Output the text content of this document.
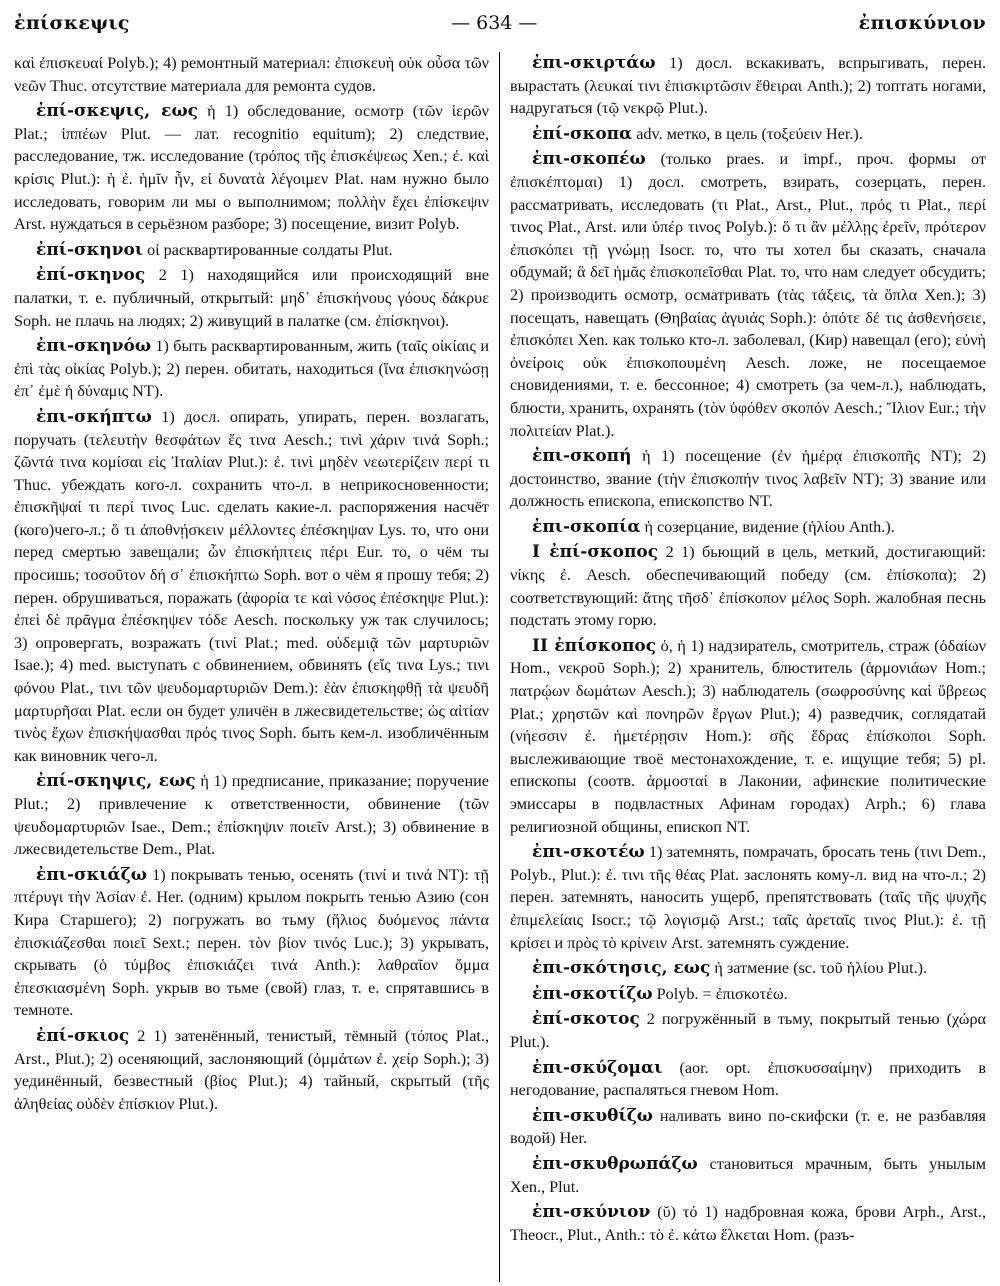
ἐπίσκεψις	— 634 —	ἐπισκύνιον

καὶ ἐπισκευαί Polyb.); 4) ремонтный материал: ἐπισκευὴ οὐκ οὖσα τῶν νεῶν Thuc. отсутствие материала для ремонта судов.

ἐπί-σκεψις, εως ἡ 1) обследование, осмотр (τῶν ἱερῶν Plat.; ἱππέων Plut. — лат. recognitio equitum); 2) следствие, расследование, тж. исследование (τρόπος τῆς ἐπισκέψεως Xen.; ἐ. καὶ κρίσις Plut.): ἡ ἐ. ἡμῖν ἦν, εἰ δυνατὰ λέγοιμεν Plat. нам нужно было исследовать, говорим ли мы о выполнимом; πολλὴν ἔχει ἐπίσκεψιν Arst. нуждаться в серьёзном разборе; 3) посещение, визит Polyb.

ἐπί-σκηνοι οἱ расквартированные солдаты Plut.

ἐπί-σκηνος 2 1) находящийся или происходящий вне палатки, т. е. публичный, открытый: μηδ᾽ ἐπισκήνους γόους δάκρυε Soph. не плачь на людях; 2) живущий в палатке (см. ἐπίσκηνοι).

ἐπι-σκηνόω 1) быть расквартированным, жить (ταῖς οἰκίαις и ἐπὶ τὰς οἰκίας Polyb.); 2) перен. обитать, находиться (ἵνα ἐπισκηνώσῃ ἐπ᾽ ἐμὲ ἡ δύναμις NT).

ἐπι-σκήπτω 1) досл. опирать, упирать, перен. возлагать, поручать (τελευτὴν θεσφάτων ἔς τινα Aesch.; τινὶ χάριν τινά Soph.; ζῶντά τινα κομίσαι εἰς Ἰταλίαν Plut.): ἐ. τινὶ μηδὲν νεωτερίζειν περί τι Thuc. убеждать кого-л. сохранить что-л. в неприкосновенности; ἐπισκῆψαί τι περί τινος Luc. сделать какие-л. распоряжения насчёт (кого)чего-л.; ὅ τι ἀποθνῄσκειν μέλλοντες ἐπέσκηψαν Lys. то, что они перед смертью завещали; ὧν ἐπισκήπτεις πέρι Eur. то, о чём ты просишь; τοσοῦτον δή σ᾽ ἐπισκήπτω Soph. вот о чём я прошу тебя; 2) перен. обрушиваться, поражать (ἀφορία τε καὶ νόσος ἐπέσκηψε Plut.): ἐπεὶ δὲ πρᾶγμα ἐπέσκηψεν τόδε Aesch. поскольку уж так случилось; 3) опровергать, возражать (τινί Plat.; med. οὐδεμιᾷ τῶν μαρτυριῶν Isae.); 4) med. выступать с обвинением, обвинять (εἴς τινα Lys.; τινι φόνου Plat., τινι τῶν ψευδομαρτυριῶν Dem.): ἐὰν ἐπισκηφθῇ τὰ ψευδῆ μαρτυρῆσαι Plat. если он будет уличён в лжесвидетельстве; ὡς αἰτίαν τινὸς ἔχων ἐπισκήψασθαι πρός τινος Soph. быть кем-л. изобличённым как виновник чего-л.

ἐπί-σκηψις, εως ἡ 1) предписание, приказание; поручение Plut.; 2) привлечение к ответственности, обвинение (τῶν ψευδομαρτυριῶν Isae., Dem.; ἐπίσκηψιν ποιεῖν Arst.); 3) обвинение в лжесвидетельстве Dem., Plat.

ἐπι-σκιάζω 1) покрывать тенью, осенять (τινί и τινά NT): τῇ πτέρυγι τὴν Ἀσίαν ἐ. Her. (одним) крылом покрыть тенью Азию (сон Кира Старшего); 2) погружать во тьму (ἥλιος δυόμενος πάντα ἐπισκιάζεσθαι ποιεῖ Sext.; перен. τὸν βίον τινός Luc.); 3) укрывать, скрывать (ὁ τύμβος ἐπισκιάζει τινά Anth.): λαθραῖον ὄμμα ἐπεσκιασμένη Soph. укрыв во тьме (свой) глаз, т. е. спрятавшись в темноте.

ἐπί-σκιος 2 1) затенённый, тенистый, тёмный (τόπος Plat., Arst., Plut.); 2) осеняющий, заслоняющий (ὀμμάτων ἐ. χείρ Soph.); 3) уединённый, безвестный (βίος Plut.); 4) тайный, скрытый (τῆς ἀληθείας οὐδὲν ἐπίσκιον Plut.).

ἐπι-σκιρτάω 1) досл. вскакивать, вспрыгивать, перен. вырастать (λευκαί τινι ἐπισκιρτῶσιν ἔθειραι Anth.); 2) топтать ногами, надругаться (τῷ νεκρῷ Plut.).

ἐπί-σκοπα adv. метко, в цель (τοξεύειν Her.).

ἐπι-σκοπέω (только praes. и impf., проч. формы от ἐπισκέπτομαι) 1) досл. смотреть, взирать, созерцать, перен. рассматривать, исследовать (τι Plat., Arst., Plut., πρός τι Plat., περί τινος Plat., Arst. или ὑπέρ τινος Polyb.): ὅ τι ἂν μέλλῃς ἐρεῖν, πρότερον ἐπισκόπει τῇ γνώμῃ Isocr. то, что ты хотел бы сказать, сначала обдумай; ἃ δεῖ ἡμᾶς ἐπισκοπεῖσθαι Plat. то, что нам следует обсудить; 2) производить осмотр, осматривать (τὰς τάξεις, τὰ ὅπλα Xen.); 3) посещать, навещать (Θηβαίας ἀγυιάς Soph.): ὁπότε δέ τις ἀσθενήσειε, ἐπισκόπει Xen. как только кто-л. заболевал, (Кир) навещал (его); εὐνὴ ὀνείροις οὐκ ἐπισκοπουμένη Aesch. ложе, не посещаемое сновидениями, т. е. бессонное; 4) смотреть (за чем-л.), наблюдать, блюсти, хранить, охранять (τὸν ὑφόθεν σκοπόν Aesch.; Ἴλιον Eur.; τὴν πολιτείαν Plat.).

ἐπι-σκοπή ἡ 1) посещение (ἐν ἡμέρᾳ ἐπισκοπῆς NT); 2) достоинство, звание (τὴν ἐπισκοπήν τινος λαβεῖν NT); 3) звание или должность епископа, епископство NT.

ἐπι-σκοπία ἡ созерцание, видение (ἡλίου Anth.).

I ἐπί-σκοπος 2 1) бьющий в цель, меткий, достигающий: νίκης ἐ. Aesch. обеспечивающий победу (см. ἐπίσκοπα); 2) соответствующий: ἄτης τῆσδ᾽ ἐπίσκοπον μέλος Soph. жалобная песнь подстать этому горю.

II ἐπίσκοπος ὁ, ἡ 1) надзиратель, смотритель, страж (ὁδαίων Hom., νεκροῦ Soph.); 2) хранитель, блюститель (ἁρμονιάων Hom.; πατρῴων δωμάτων Aesch.); 3) наблюдатель (σωφροσύνης καὶ ὕβρεως Plat.; χρηστῶν καὶ πονηρῶν ἔργων Plut.); 4) разведчик, соглядатай (νήεσσιν ἐ. ἡμετέρῃσιν Hom.): σῆς ἕδρας ἐπίσκοποι Soph. выслеживающие твоё местонахождение, т. е. ищущие тебя; 5) pl. епископы (соотв. ἁρμοσταί в Лаконии, афинские политические эмиссары в подвластных Афинам городах) Arph.; 6) глава религиозной общины, епископ NT.

ἐπι-σκοτέω 1) затемнять, помрачать, бросать тень (τινι Dem., Polyb., Plut.): ἐ. τινι τῆς θέας Plat. заслонять кому-л. вид на что-л.; 2) перен. затемнять, наносить ущерб, препятствовать (ταῖς τῆς ψυχῆς ἐπιμελείαις Isocr.; τῷ λογισμῷ Arst.; ταῖς ἀρεταῖς τινος Plut.): ἐ. τῇ κρίσει и πρὸς τὸ κρίνειν Arst. затемнять суждение.

ἐπι-σκότησις, εως ἡ затмение (sc. τοῦ ἡλίου Plut.).

ἐπι-σκοτίζω Polyb. = ἐπισκοτέω.

ἐπί-σκοτος 2 погружённый в тьму, покрытый тенью (χώρα Plut.).

ἐπι-σκύζομαι (aor. opt. ἐπισκυσσαίμην) приходить в негодование, распаляться гневом Hom.

ἐπι-σκυθίζω наливать вино по-скифски (т. е. не разбавляя водой) Her.

ἐπι-σκυθρωπάζω становиться мрачным, быть унылым Xen., Plut.

ἐπι-σκύνιον (ῠ) τό 1) надбровная кожа, брови Arph., Arst., Theocr., Plut., Anth.: τὸ ἐ. κάτω ἕλκεται Hom. (разъ-
